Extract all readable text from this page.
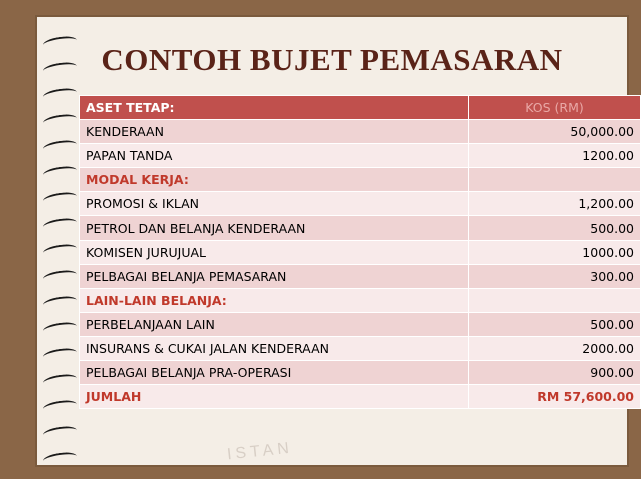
ISTAN
CONTOH BUJET PEMASARAN
ASET TETAP:	KOS (RM)
KENDERAAN	50,000.00
PAPAN TANDA	1200.00
MODAL KERJA:	
PROMOSI & IKLAN	1,200.00
PETROL DAN BELANJA KENDERAAN	500.00
KOMISEN JURUJUAL	1000.00
PELBAGAI BELANJA PEMASARAN	300.00
LAIN-LAIN BELANJA:	
PERBELANJAAN LAIN	500.00
INSURANS & CUKAI JALAN KENDERAAN	2000.00
PELBAGAI BELANJA PRA-OPERASI	900.00
JUMLAH	RM 57,600.00
